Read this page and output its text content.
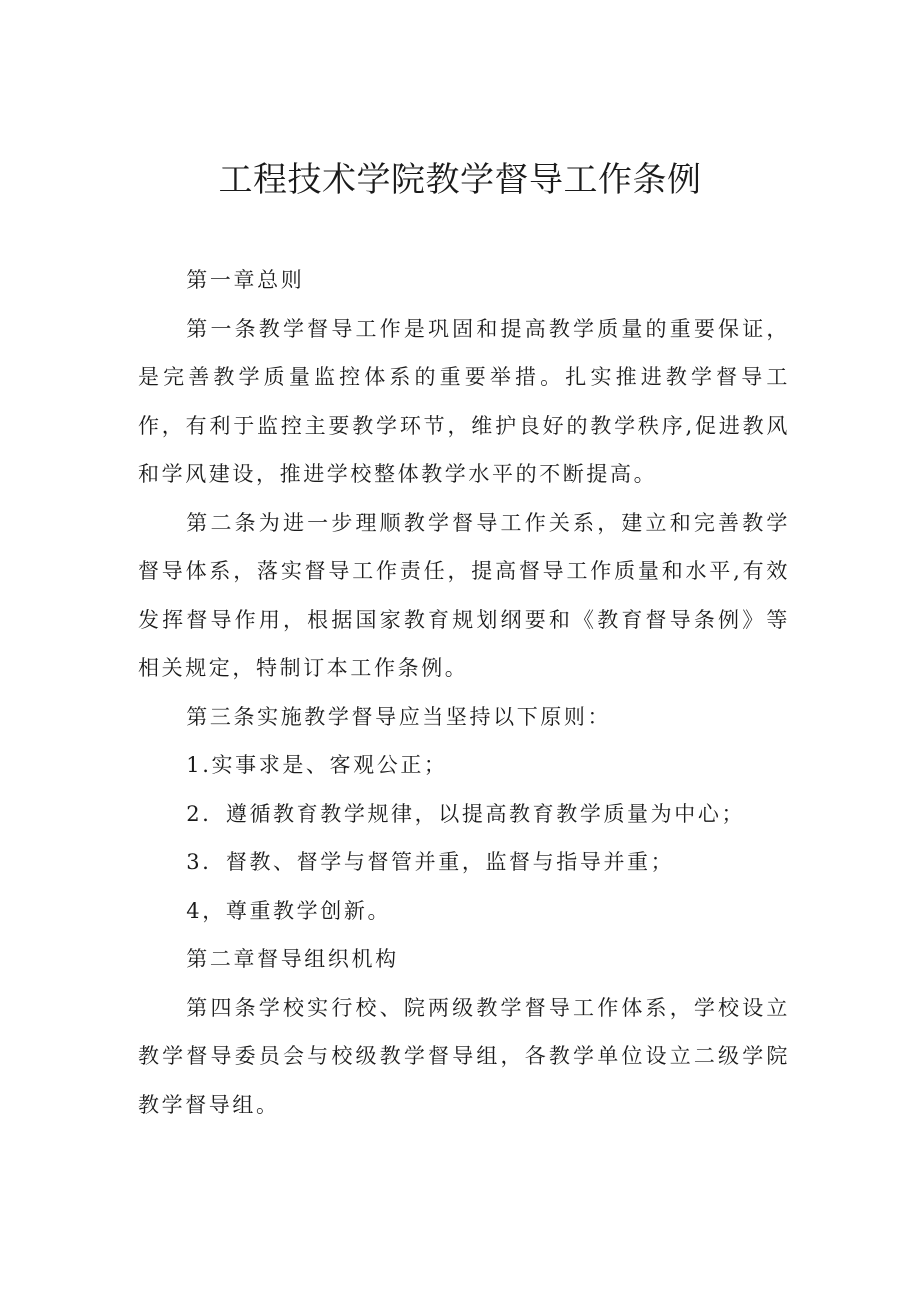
工程技术学院教学督导工作条例

第一章总则

第一条教学督导工作是巩固和提高教学质量的重要保证，是完善教学质量监控体系的重要举措。扎实推进教学督导工作，有利于监控主要教学环节，维护良好的教学秩序,促进教风和学风建设，推进学校整体教学水平的不断提高。

第二条为进一步理顺教学督导工作关系，建立和完善教学督导体系，落实督导工作责任，提高督导工作质量和水平,有效发挥督导作用，根据国家教育规划纲要和《教育督导条例》等相关规定，特制订本工作条例。

第三条实施教学督导应当坚持以下原则：

1.实事求是、客观公正；

2．遵循教育教学规律，以提高教育教学质量为中心；

3．督教、督学与督管并重，监督与指导并重；

4，尊重教学创新。

第二章督导组织机构

第四条学校实行校、院两级教学督导工作体系，学校设立教学督导委员会与校级教学督导组，各教学单位设立二级学院教学督导组。
